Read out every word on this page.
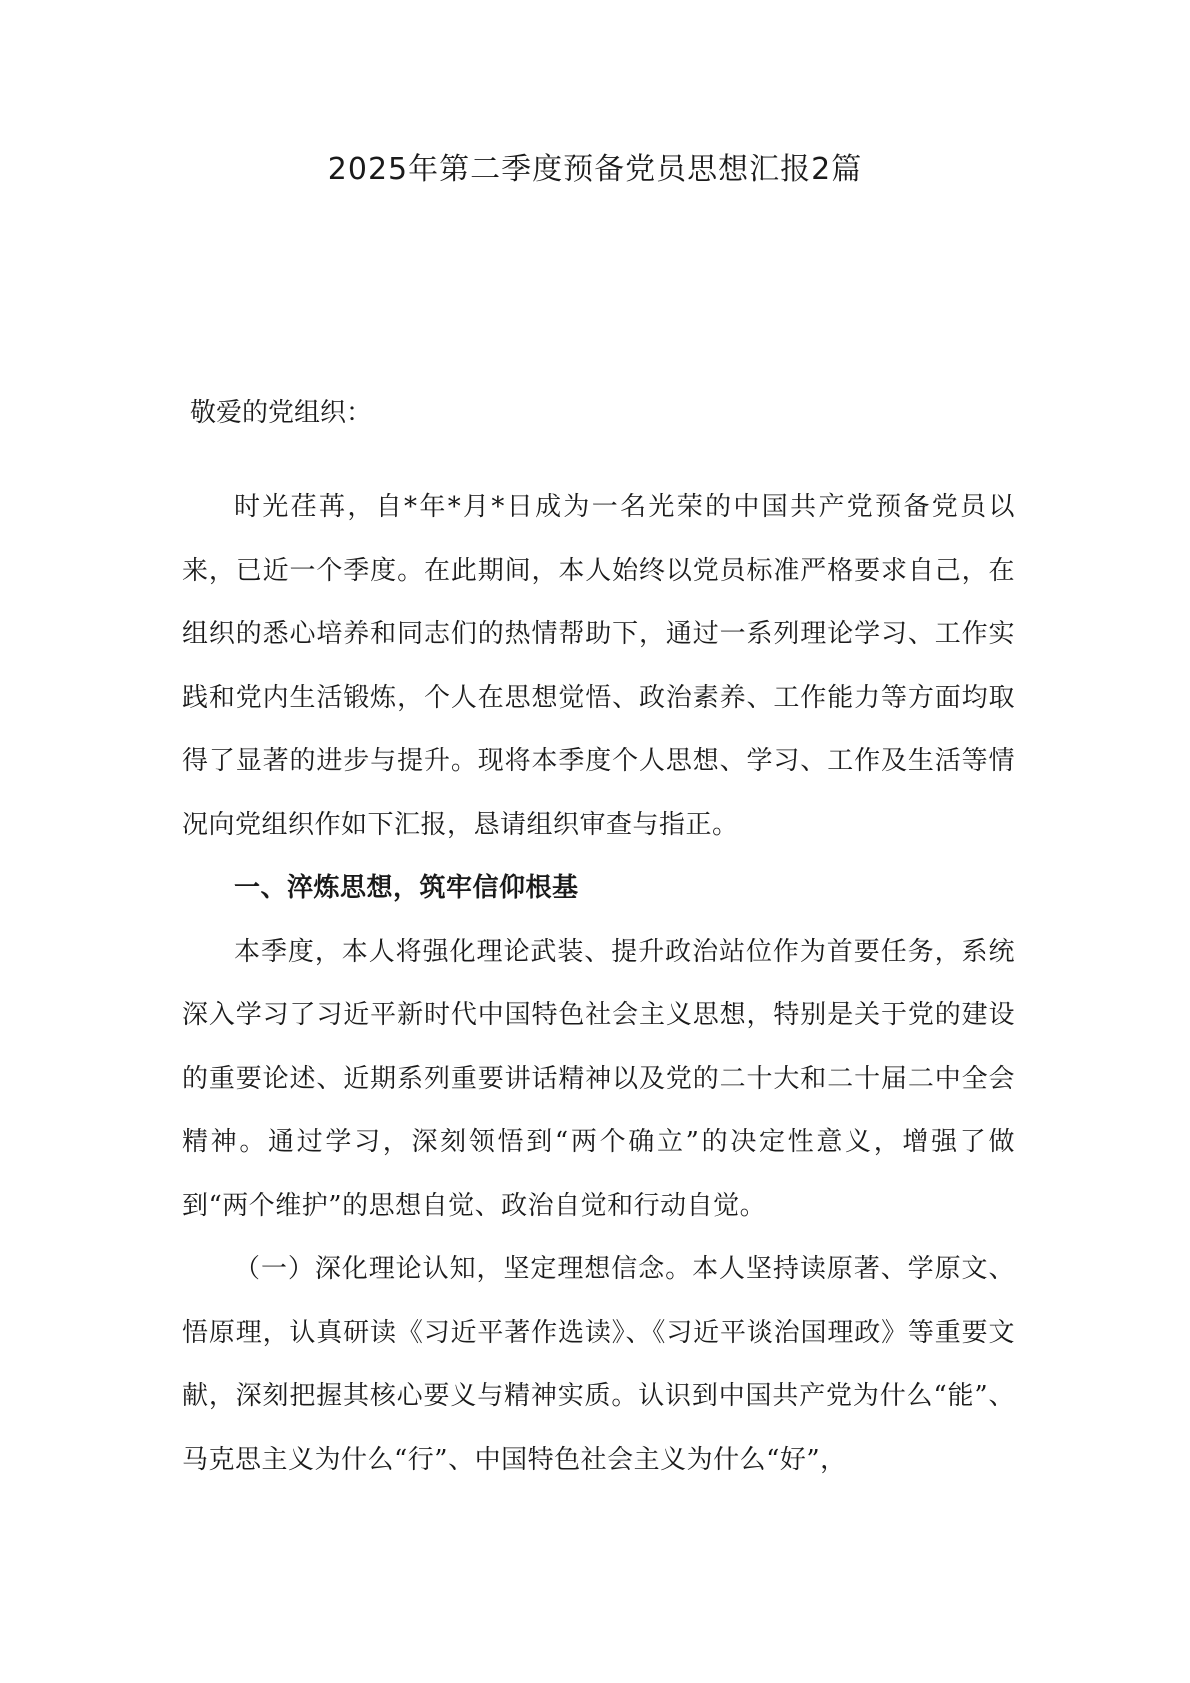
2025年第二季度预备党员思想汇报2篇
敬爱的党组织：

时光荏苒，自*年*月*日成为一名光荣的中国共产党预备党员以来，已近一个季度。在此期间，本人始终以党员标准严格要求自己，在组织的悉心培养和同志们的热情帮助下，通过一系列理论学习、工作实践和党内生活锻炼，个人在思想觉悟、政治素养、工作能力等方面均取得了显著的进步与提升。现将本季度个人思想、学习、工作及生活等情况向党组织作如下汇报，恳请组织审查与指正。

一、淬炼思想，筑牢信仰根基

本季度，本人将强化理论武装、提升政治站位作为首要任务，系统深入学习了习近平新时代中国特色社会主义思想，特别是关于党的建设的重要论述、近期系列重要讲话精神以及党的二十大和二十届二中全会精神。通过学习，深刻领悟到“两个确立”的决定性意义，增强了做到“两个维护”的思想自觉、政治自觉和行动自觉。

（一）深化理论认知，坚定理想信念。本人坚持读原著、学原文、悟原理，认真研读《习近平著作选读》、《习近平谈治国理政》等重要文献，深刻把握其核心要义与精神实质。认识到中国共产党为什么“能”、马克思主义为什么“行”、中国特色社会主义为什么“好”，
